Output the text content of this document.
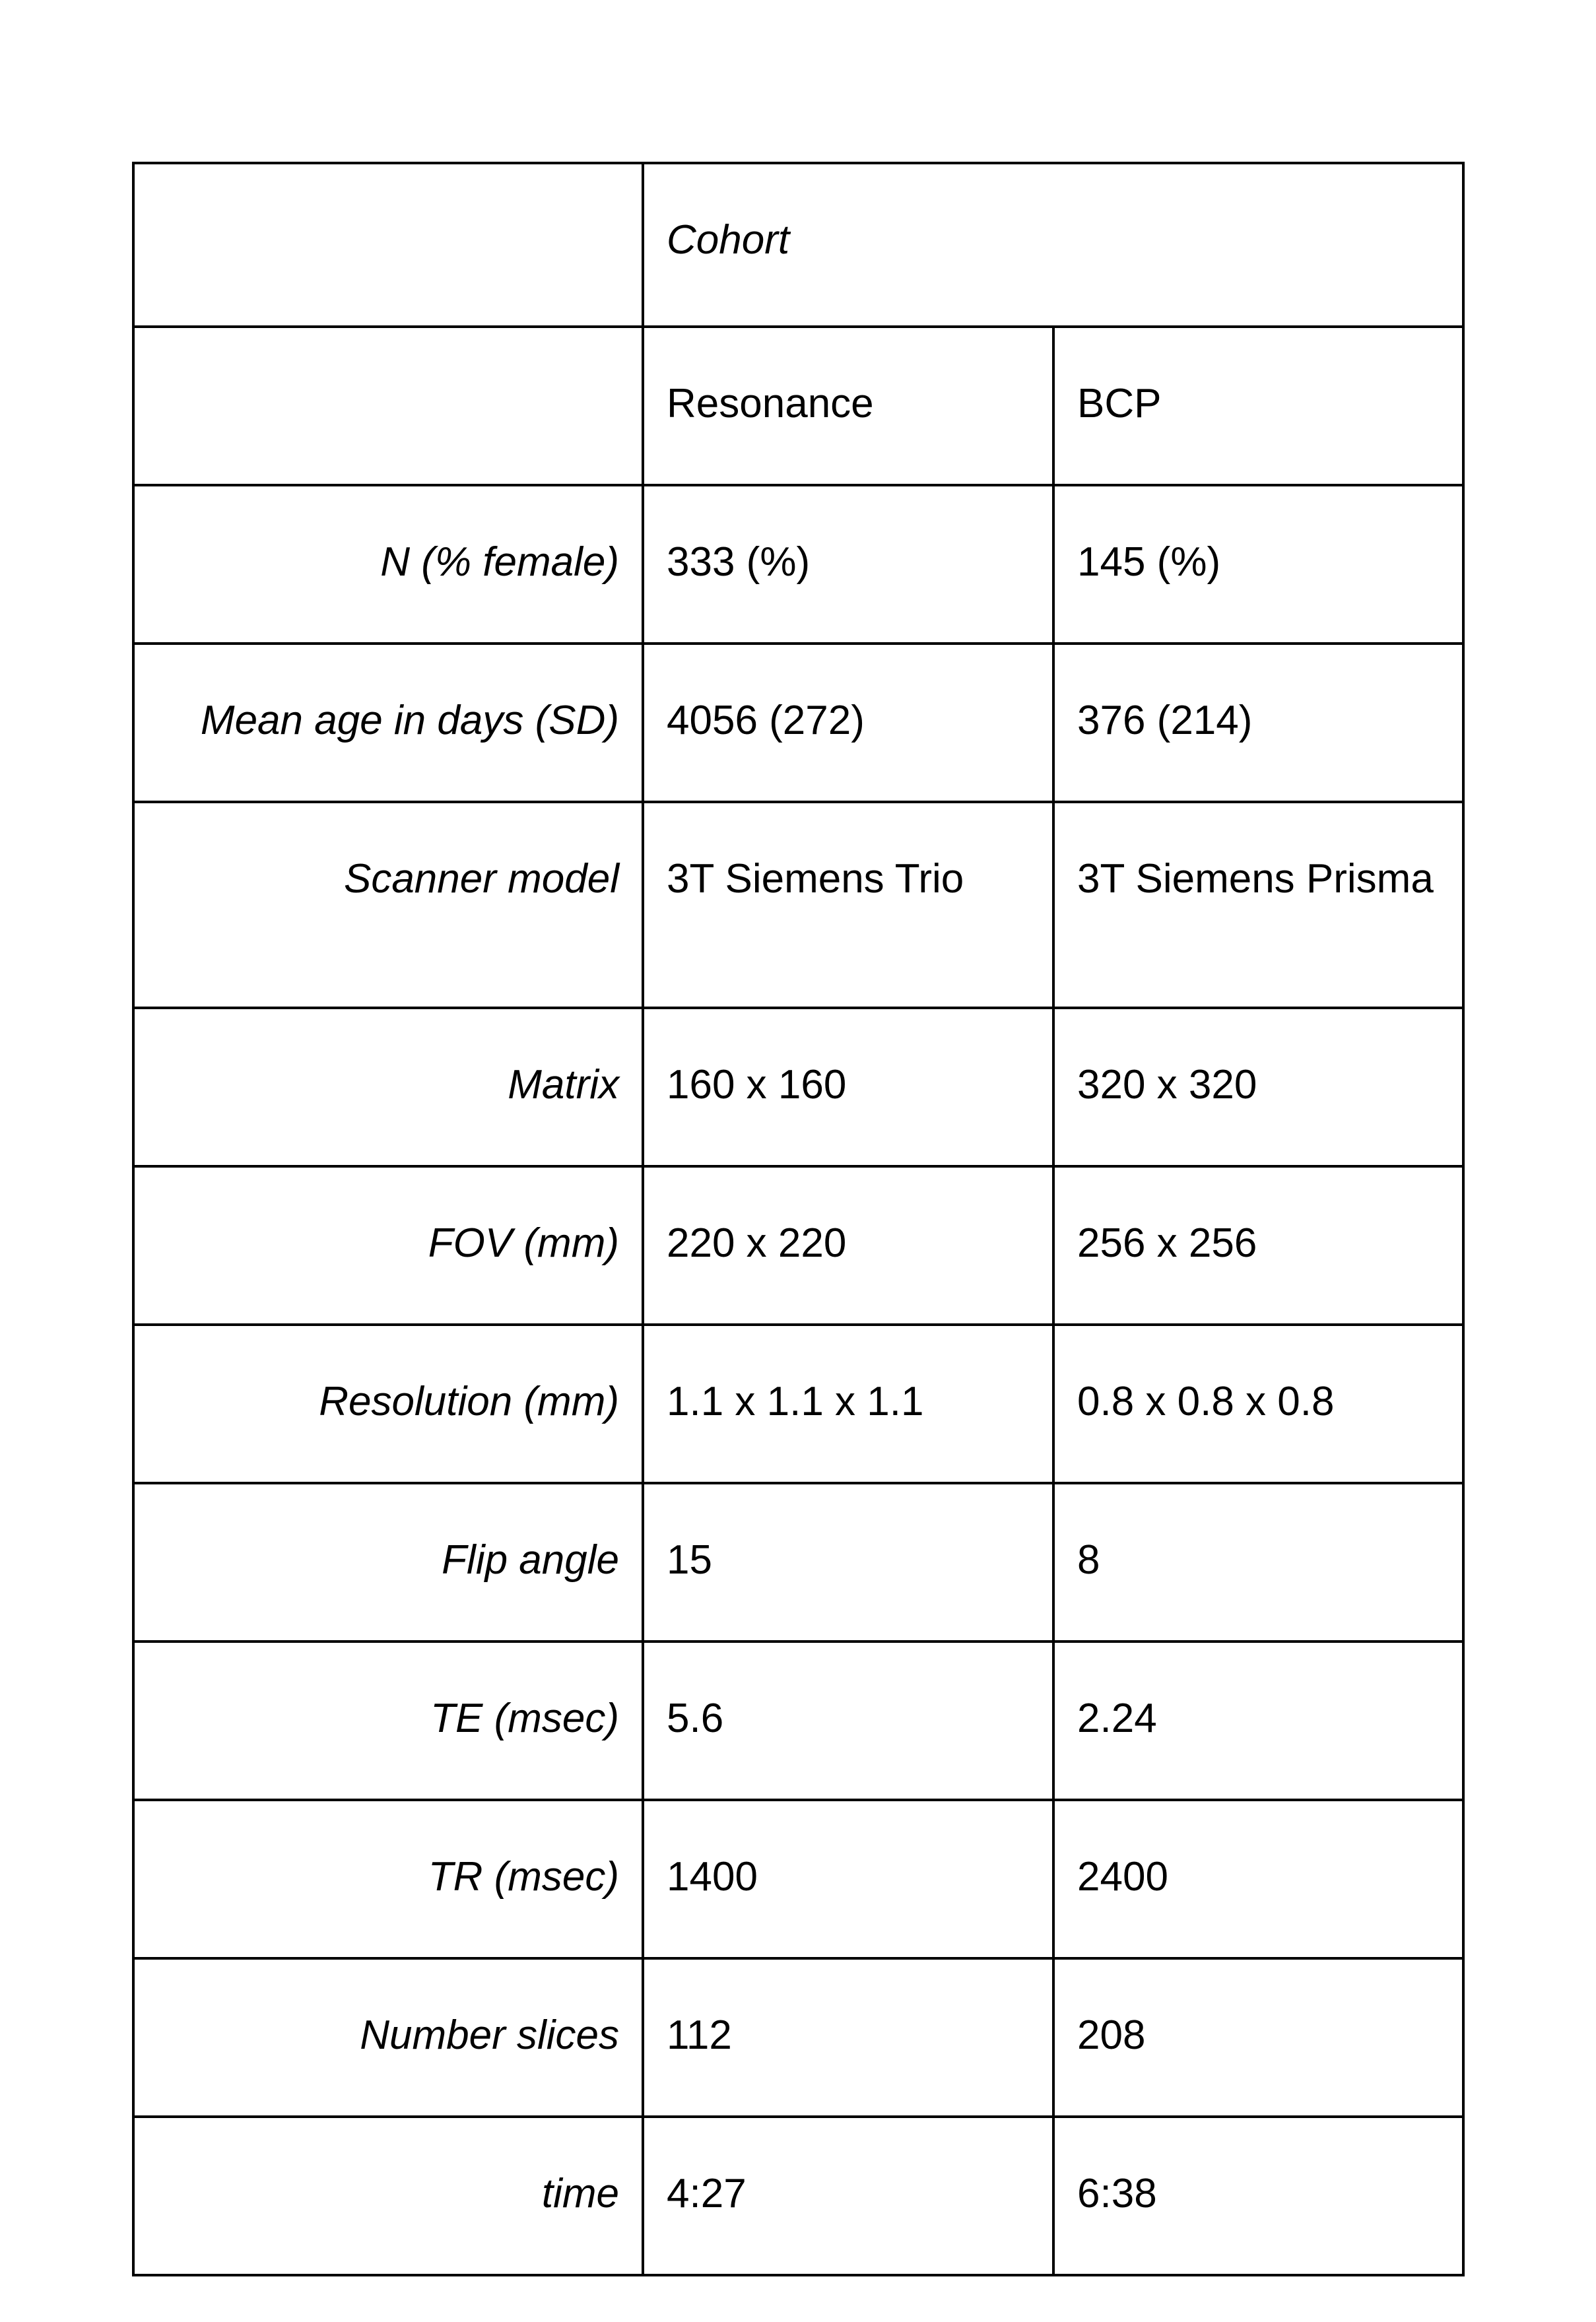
	Cohort	

	Resonance	BCP

N (% female)	333 (%)	145 (%)

Mean age in days (SD)	4056 (272)	376 (214)

Scanner model	3T Siemens Trio	3T Siemens Prisma

Matrix	160 x 160	320 x 320

FOV (mm)	220 x 220	256 x 256

Resolution (mm)	1.1 x 1.1 x 1.1	0.8 x 0.8 x 0.8

Flip angle	15	8

TE (msec)	5.6	2.24

TR (msec)	1400	2400

Number slices	112	208

time	4:27	6:38
